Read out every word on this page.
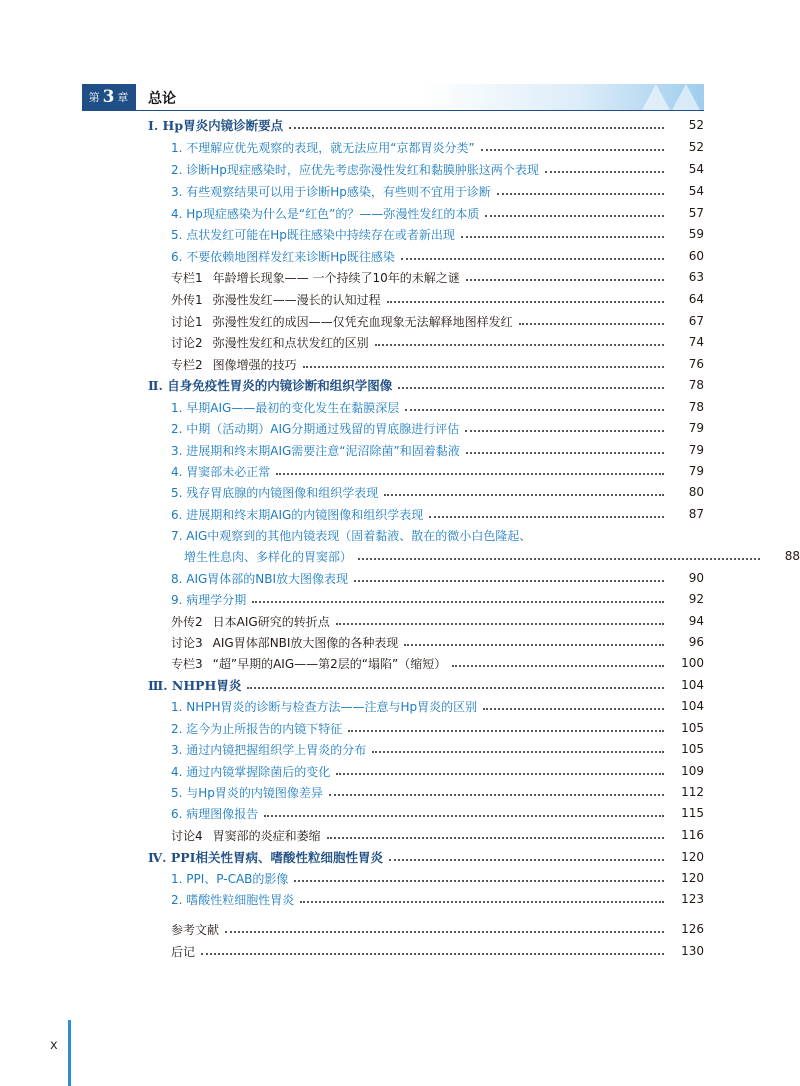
第 3 章 总论
Ⅰ. Hp胃炎内镜诊断要点	52
1. 不理解应优先观察的表现，就无法应用“京都胃炎分类”	52
2. 诊断Hp现症感染时，应优先考虑弥漫性发红和黏膜肿胀这两个表现	54
3. 有些观察结果可以用于诊断Hp感染，有些则不宜用于诊断	54
4. Hp现症感染为什么是“红色”的？——弥漫性发红的本质	57
5. 点状发红可能在Hp既往感染中持续存在或者新出现	59
6. 不要依赖地图样发红来诊断Hp既往感染	60
专栏1 年龄增长现象—— 一个持续了10年的未解之谜	63
外传1 弥漫性发红——漫长的认知过程	64
讨论1 弥漫性发红的成因——仅凭充血现象无法解释地图样发红	67
讨论2 弥漫性发红和点状发红的区别	74
专栏2 图像增强的技巧	76
Ⅱ. 自身免疫性胃炎的内镜诊断和组织学图像	78
1. 早期AIG——最初的变化发生在黏膜深层	78
2. 中期（活动期）AIG分期通过残留的胃底腺进行评估	79
3. 进展期和终末期AIG需要注意“泥沼除菌”和固着黏液	79
4. 胃窦部未必正常	79
5. 残存胃底腺的内镜图像和组织学表现	80
6. 进展期和终末期AIG的内镜图像和组织学表现	87
7. AIG中观察到的其他内镜表现（固着黏液、散在的微小白色隆起、
增生性息肉、多样化的胃窦部）	88
8. AIG胃体部的NBI放大图像表现	90
9. 病理学分期	92
外传2 日本AIG研究的转折点	94
讨论3 AIG胃体部NBI放大图像的各种表现	96
专栏3 “超”早期的AIG——第2层的“塌陷”（缩短）	100
Ⅲ. NHPH胃炎	104
1. NHPH胃炎的诊断与检查方法——注意与Hp胃炎的区别	104
2. 迄今为止所报告的内镜下特征	105
3. 通过内镜把握组织学上胃炎的分布	105
4. 通过内镜掌握除菌后的变化	109
5. 与Hp胃炎的内镜图像差异	112
6. 病理图像报告	115
讨论4 胃窦部的炎症和萎缩	116
Ⅳ. PPI相关性胃病、嗜酸性粒细胞性胃炎	120
1. PPI、P-CAB的影像	120
2. 嗜酸性粒细胞性胃炎	123
参考文献	126
后记	130
x
